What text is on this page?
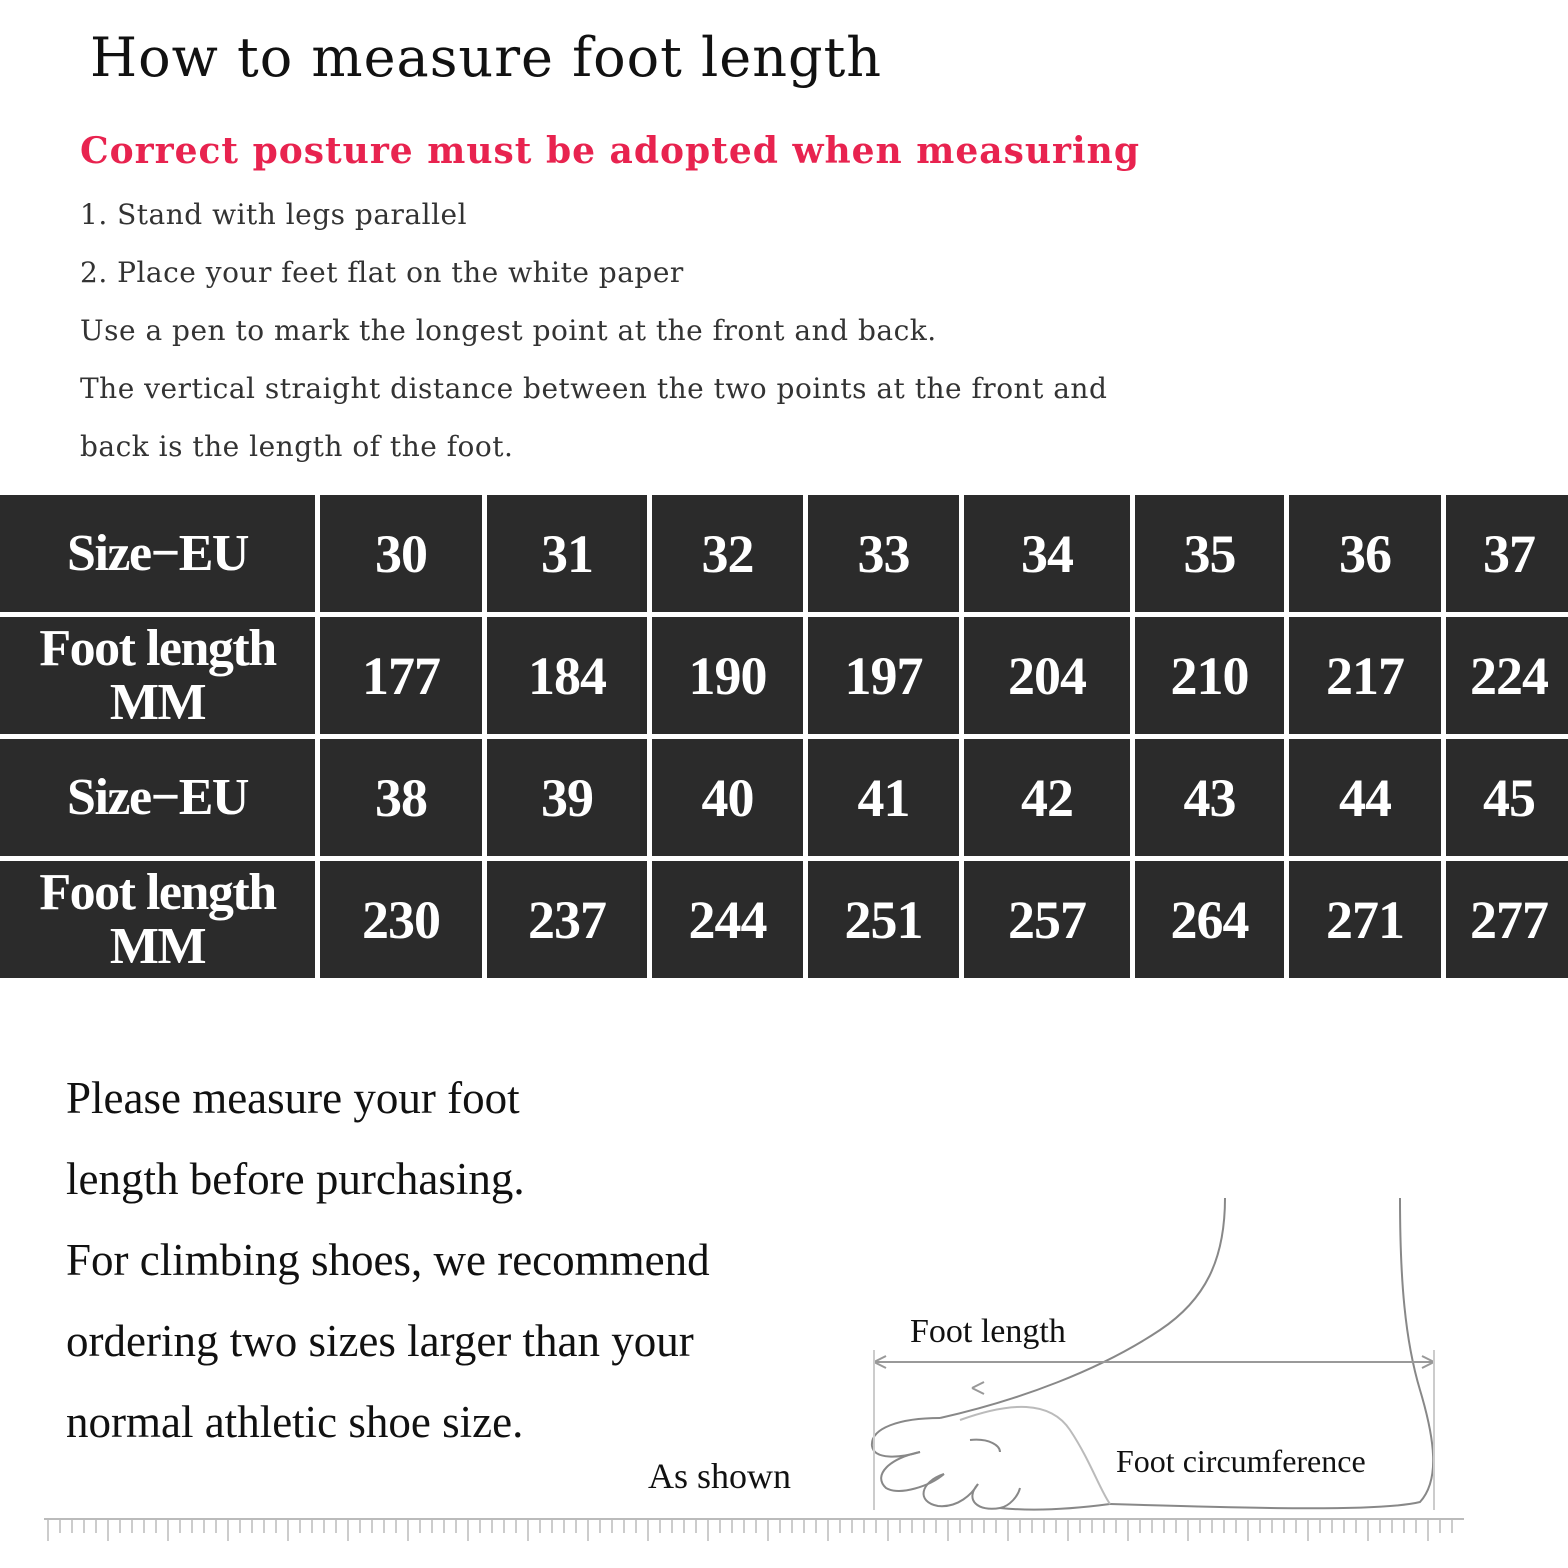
How to measure foot length
Correct posture must be adopted when measuring
1. Stand with legs parallel
2. Place your feet flat on the white paper
Use a pen to mark the longest point at the front and back.
The vertical straight distance between the two points at the front and
back is the length of the foot.
Size−EU	30	31	32	33	34	35	36	37

Foot length
MM	177	184	190	197	204	210	217	224
Size−EU	38	39	40	41	42	43	44	45

Foot length
MM	230	237	244	251	257	264	271	277
Please measure your foot
length before purchasing.
For climbing shoes, we recommend
ordering two sizes larger than your
normal athletic shoe size.
As shown
Foot length
Foot circumference
